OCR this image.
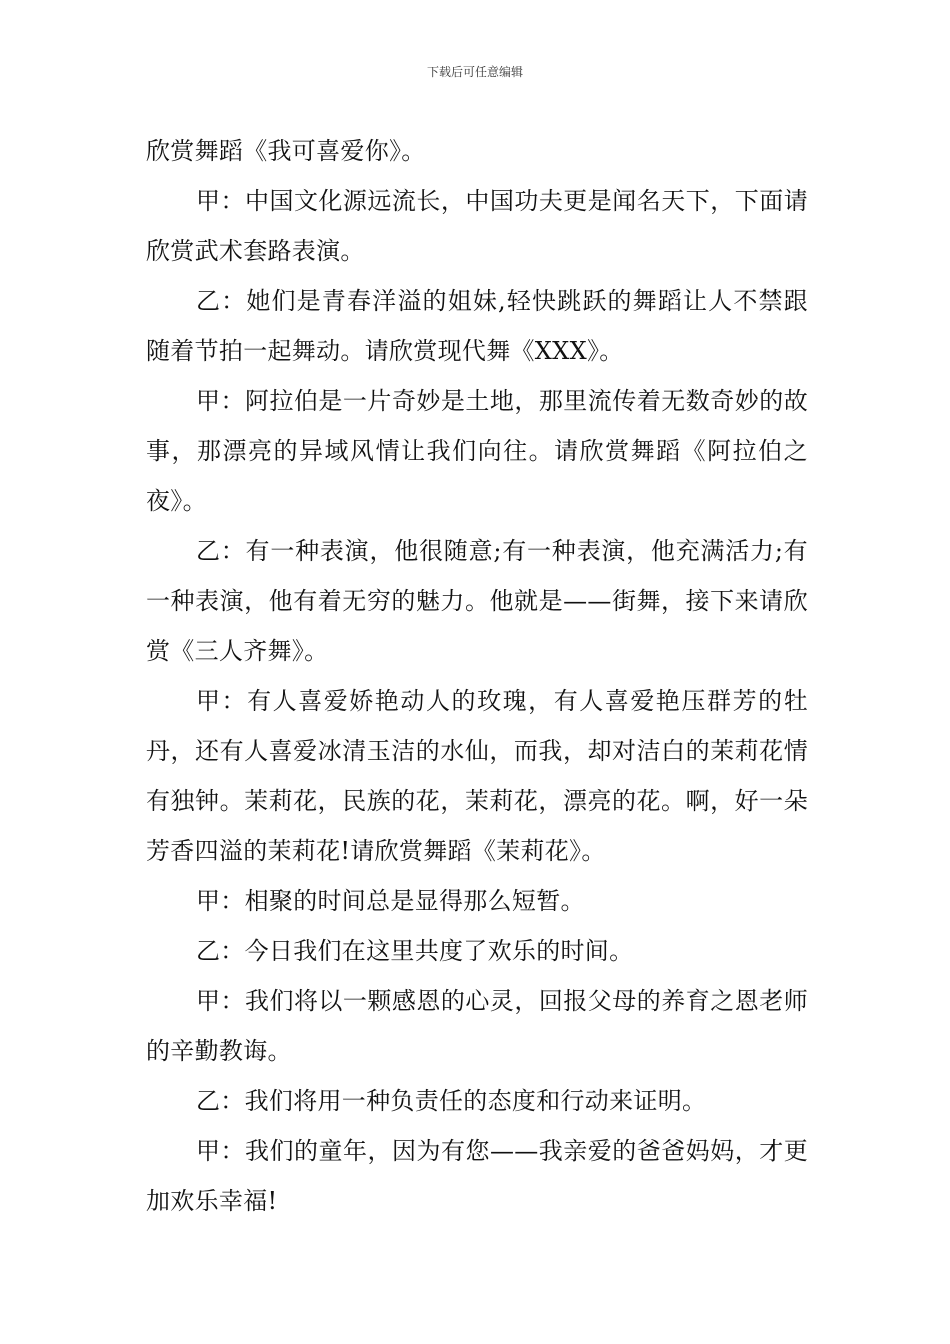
下载后可任意编辑

欣赏舞蹈《我可喜爱你》。

甲：中国文化源远流长，中国功夫更是闻名天下，下面请欣赏武术套路表演。

乙：她们是青春洋溢的姐妹,轻快跳跃的舞蹈让人不禁跟随着节拍一起舞动。请欣赏现代舞《XXX》。

甲：阿拉伯是一片奇妙是土地，那里流传着无数奇妙的故事，那漂亮的异域风情让我们向往。请欣赏舞蹈《阿拉伯之夜》。

乙：有一种表演，他很随意;有一种表演，他充满活力;有一种表演，他有着无穷的魅力。他就是——街舞，接下来请欣赏《三人齐舞》。

甲：有人喜爱娇艳动人的玫瑰，有人喜爱艳压群芳的牡丹，还有人喜爱冰清玉洁的水仙，而我，却对洁白的茉莉花情有独钟。茉莉花，民族的花，茉莉花，漂亮的花。啊，好一朵芳香四溢的茉莉花!请欣赏舞蹈《茉莉花》。

甲：相聚的时间总是显得那么短暂。

乙：今日我们在这里共度了欢乐的时间。

甲：我们将以一颗感恩的心灵，回报父母的养育之恩老师的辛勤教诲。

乙：我们将用一种负责任的态度和行动来证明。

甲：我们的童年，因为有您——我亲爱的爸爸妈妈，才更加欢乐幸福!
